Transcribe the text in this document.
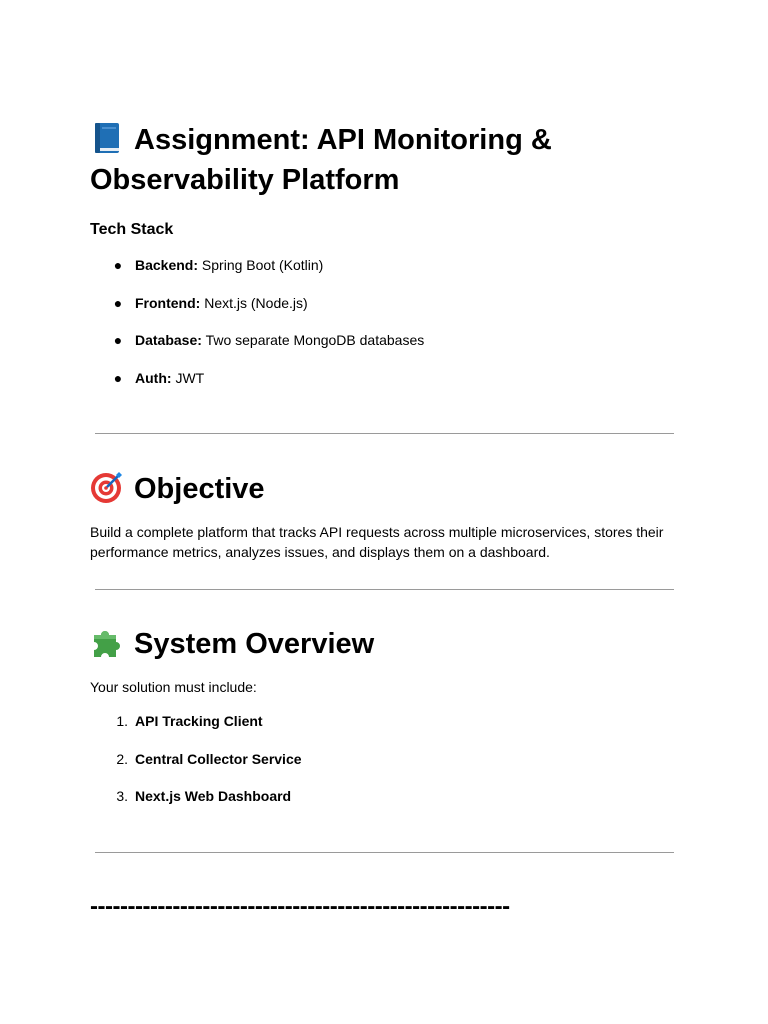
Assignment: API Monitoring &
Observability Platform
Tech Stack
● Backend: Spring Boot (Kotlin)
● Frontend: Next.js (Node.js)
● Database: Two separate MongoDB databases
● Auth: JWT
Objective

Build a complete platform that tracks API requests across multiple microservices, stores their
performance metrics, analyzes issues, and displays them on a dashboard.

System Overview

Your solution must include:

1. API Tracking Client
2. Central Collector Service
3. Next.js Web Dashboard
--------------------------------------------------------
